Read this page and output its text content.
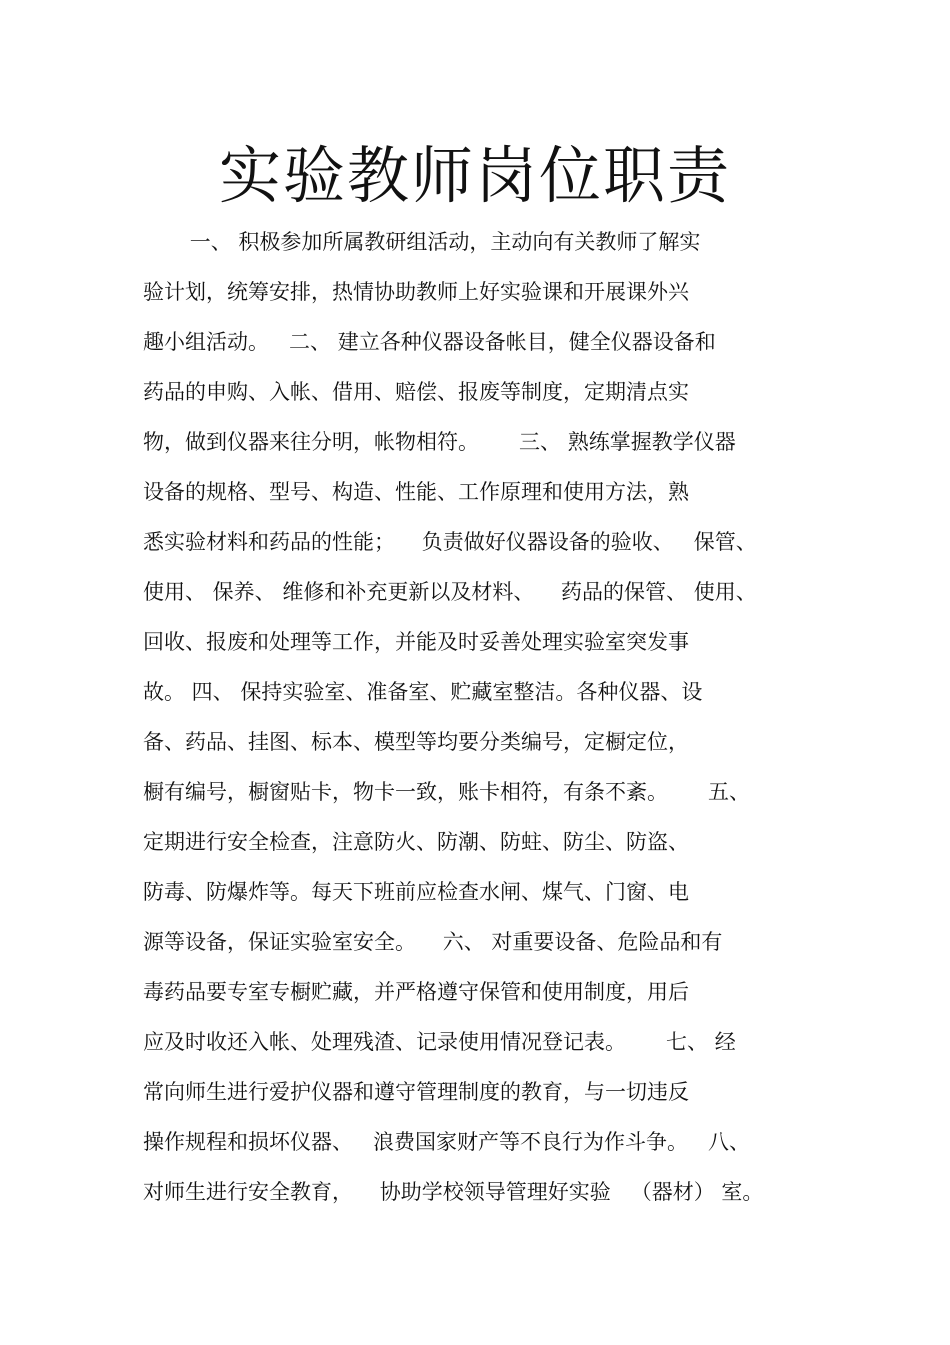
实验教师岗位职责
一、 积极参加所属教研组活动，主动向有关教师了解实
验计划，统筹安排，热情协助教师上好实验课和开展课外兴
趣小组活动。   二、 建立各种仪器设备帐目，健全仪器设备和
药品的申购、入帐、借用、赔偿、报废等制度，定期清点实
物，做到仪器来往分明，帐物相符。      三、 熟练掌握教学仪器
设备的规格、型号、构造、性能、工作原理和使用方法，熟
悉实验材料和药品的性能；    负责做好仪器设备的验收、   保管、
使用、 保养、 维修和补充更新以及材料、    药品的保管、 使用、
回收、报废和处理等工作，并能及时妥善处理实验室突发事
故。 四、 保持实验室、准备室、贮藏室整洁。各种仪器、设
备、药品、挂图、标本、模型等均要分类编号，定橱定位，
橱有编号，橱窗贴卡，物卡一致，账卡相符，有条不紊。      五、
定期进行安全检查，注意防火、防潮、防蛀、防尘、防盗、
防毒、防爆炸等。每天下班前应检查水闸、煤气、门窗、电
源等设备，保证实验室安全。    六、 对重要设备、危险品和有
毒药品要专室专橱贮藏，并严格遵守保管和使用制度，用后
应及时收还入帐、处理残渣、记录使用情况登记表。      七、 经
常向师生进行爱护仪器和遵守管理制度的教育，与一切违反
操作规程和损坏仪器、   浪费国家财产等不良行为作斗争。   八、
对师生进行安全教育，    协助学校领导管理好实验   （器材） 室。
